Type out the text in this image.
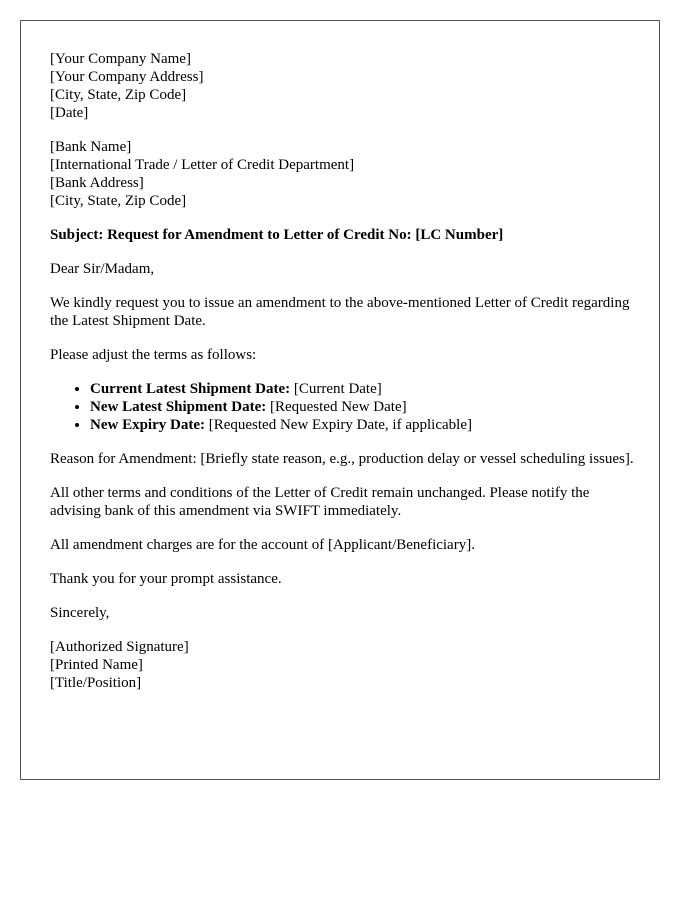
[Your Company Name]
[Your Company Address]
[City, State, Zip Code]
[Date]
[Bank Name]
[International Trade / Letter of Credit Department]
[Bank Address]
[City, State, Zip Code]

Subject: Request for Amendment to Letter of Credit No: [LC Number]

Dear Sir/Madam,

We kindly request you to issue an amendment to the above-mentioned Letter of Credit regarding the Latest Shipment Date.

Please adjust the terms as follows:

• Current Latest Shipment Date: [Current Date]
• New Latest Shipment Date: [Requested New Date]
• New Expiry Date: [Requested New Expiry Date, if applicable]

Reason for Amendment: [Briefly state reason, e.g., production delay or vessel scheduling issues].

All other terms and conditions of the Letter of Credit remain unchanged. Please notify the advising bank of this amendment via SWIFT immediately.

All amendment charges are for the account of [Applicant/Beneficiary].

Thank you for your prompt assistance.

Sincerely,

[Authorized Signature]
[Printed Name]
[Title/Position]
